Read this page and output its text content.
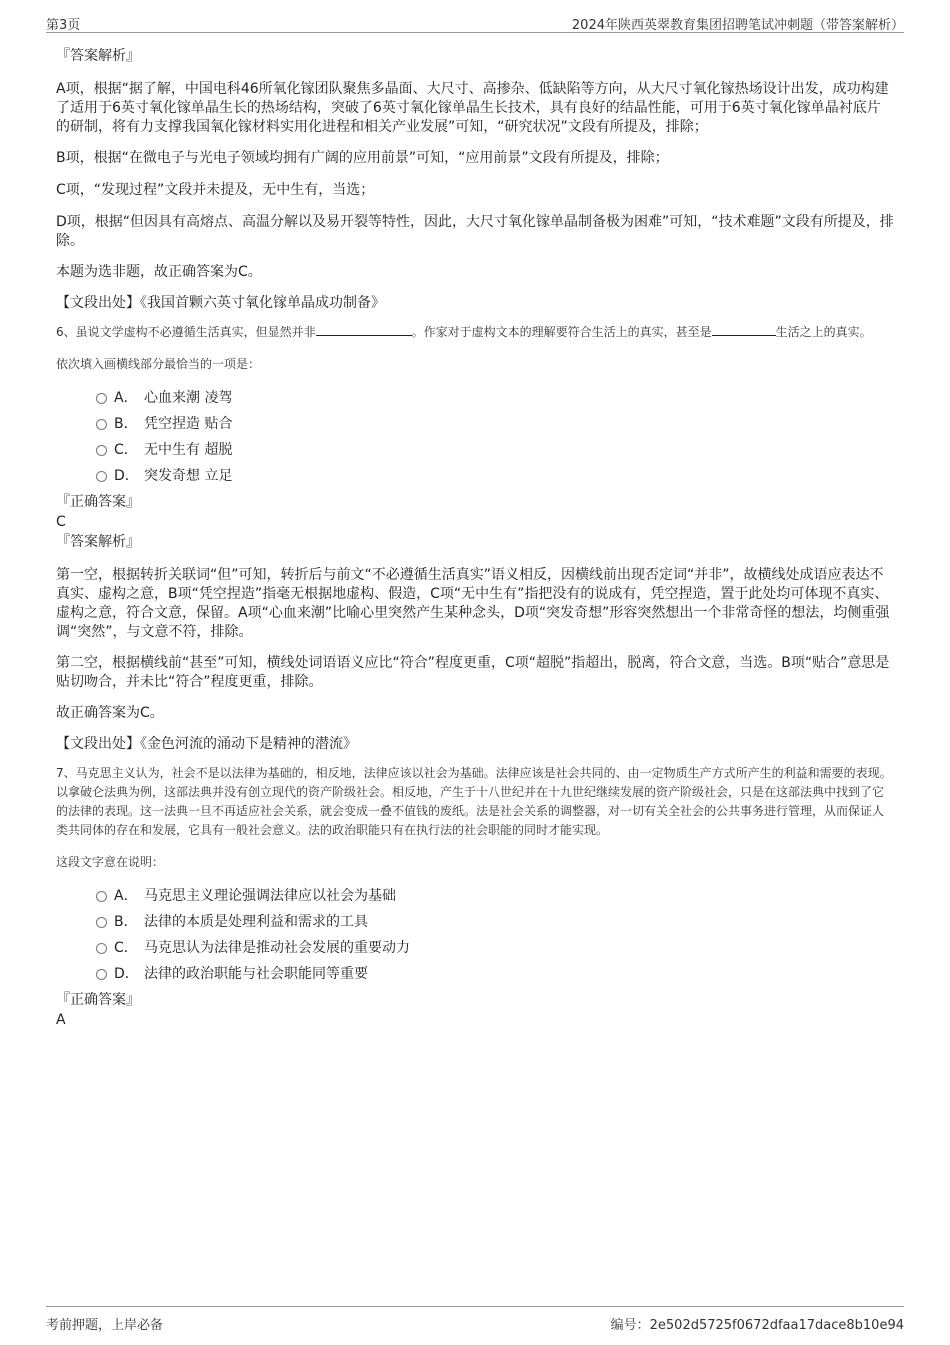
第3页	2024年陕西英翠教育集团招聘笔试冲刺题（带答案解析）

『答案解析』

A项，根据“据了解，中国电科46所氧化镓团队聚焦多晶面、大尺寸、高掺杂、低缺陷等方向，从大尺寸氧化镓热场设计出发，成功构建了适用于6英寸氧化镓单晶生长的热场结构，突破了6英寸氧化镓单晶生长技术，具有良好的结晶性能，可用于6英寸氧化镓单晶衬底片的研制，将有力支撑我国氧化镓材料实用化进程和相关产业发展”可知，“研究状况”文段有所提及，排除；

B项，根据“在微电子与光电子领域均拥有广阔的应用前景”可知，“应用前景”文段有所提及，排除；

C项，“发现过程”文段并未提及，无中生有，当选；

D项，根据“但因具有高熔点、高温分解以及易开裂等特性，因此，大尺寸氧化镓单晶制备极为困难”可知，“技术难题”文段有所提及，排除。

本题为选非题，故正确答案为C。

【文段出处】《我国首颗六英寸氧化镓单晶成功制备》

6、虽说文学虚构不必遵循生活真实，但显然并非	。作家对于虚构文本的理解要符合生活上的真实，甚至是	生活之上的真实。

依次填入画横线部分最恰当的一项是：

A． 心血来潮 凌驾
B． 凭空捏造 贴合
C． 无中生有 超脱
D． 突发奇想 立足

『正确答案』

C

『答案解析』

第一空，根据转折关联词“但”可知，转折后与前文“不必遵循生活真实”语义相反，因横线前出现否定词“并非”，故横线处成语应表达不真实、虚构之意，B项“凭空捏造”指毫无根据地虚构、假造，C项“无中生有”指把没有的说成有，凭空捏造，置于此处均可体现不真实、虚构之意，符合文意，保留。A项“心血来潮”比喻心里突然产生某种念头，D项“突发奇想”形容突然想出一个非常奇怪的想法，均侧重强调“突然”，与文意不符，排除。

第二空，根据横线前“甚至”可知，横线处词语语义应比“符合”程度更重，C项“超脱”指超出，脱离，符合文意，当选。B项“贴合”意思是贴切吻合，并未比“符合”程度更重，排除。

故正确答案为C。

【文段出处】《金色河流的涌动下是精神的潜流》

7、马克思主义认为，社会不是以法律为基础的，相反地，法律应该以社会为基础。法律应该是社会共同的、由一定物质生产方式所产生的利益和需要的表现。以拿破仑法典为例，这部法典并没有创立现代的资产阶级社会。相反地，产生于十八世纪并在十九世纪继续发展的资产阶级社会，只是在这部法典中找到了它的法律的表现。这一法典一旦不再适应社会关系，就会变成一叠不值钱的废纸。法是社会关系的调整器，对一切有关全社会的公共事务进行管理，从而保证人类共同体的存在和发展，它具有一般社会意义。法的政治职能只有在执行法的社会职能的同时才能实现。

这段文字意在说明：

A． 马克思主义理论强调法律应以社会为基础
B． 法律的本质是处理利益和需求的工具
C． 马克思认为法律是推动社会发展的重要动力
D． 法律的政治职能与社会职能同等重要

『正确答案』

A

考前押题，上岸必备	编号：2e502d5725f0672dfaa17dace8b10e94
